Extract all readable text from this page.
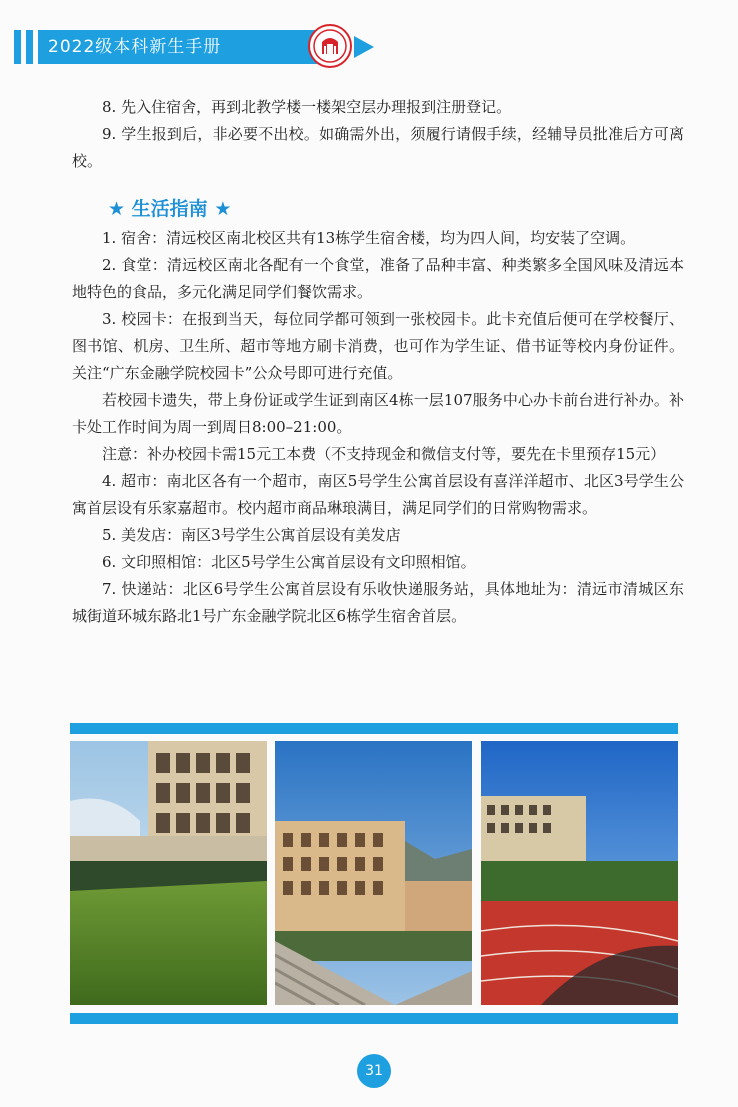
2022级本科新生手册

8. 先入住宿舍，再到北教学楼一楼架空层办理报到注册登记。

9. 学生报到后，非必要不出校。如确需外出，须履行请假手续，经辅导员批准后方可离校。

★ 生活指南 ★

1. 宿舍：清远校区南北校区共有13栋学生宿舍楼，均为四人间，均安装了空调。

2. 食堂：清远校区南北各配有一个食堂，准备了品种丰富、种类繁多全国风味及清远本地特色的食品，多元化满足同学们餐饮需求。

3. 校园卡：在报到当天，每位同学都可领到一张校园卡。此卡充值后便可在学校餐厅、图书馆、机房、卫生所、超市等地方刷卡消费，也可作为学生证、借书证等校内身份证件。关注“广东金融学院校园卡”公众号即可进行充值。

若校园卡遗失，带上身份证或学生证到南区4栋一层107服务中心办卡前台进行补办。补卡处工作时间为周一到周日8:00–21:00。

注意：补办校园卡需15元工本费（不支持现金和微信支付等，要先在卡里预存15元）

4. 超市：南北区各有一个超市，南区5号学生公寓首层设有喜洋洋超市、北区3号学生公寓首层设有乐家嘉超市。校内超市商品琳琅满目，满足同学们的日常购物需求。

5. 美发店：南区3号学生公寓首层设有美发店

6. 文印照相馆：北区5号学生公寓首层设有文印照相馆。

7. 快递站：北区6号学生公寓首层设有乐收快递服务站，具体地址为：清远市清城区东城街道环城东路北1号广东金融学院北区6栋学生宿舍首层。

31
